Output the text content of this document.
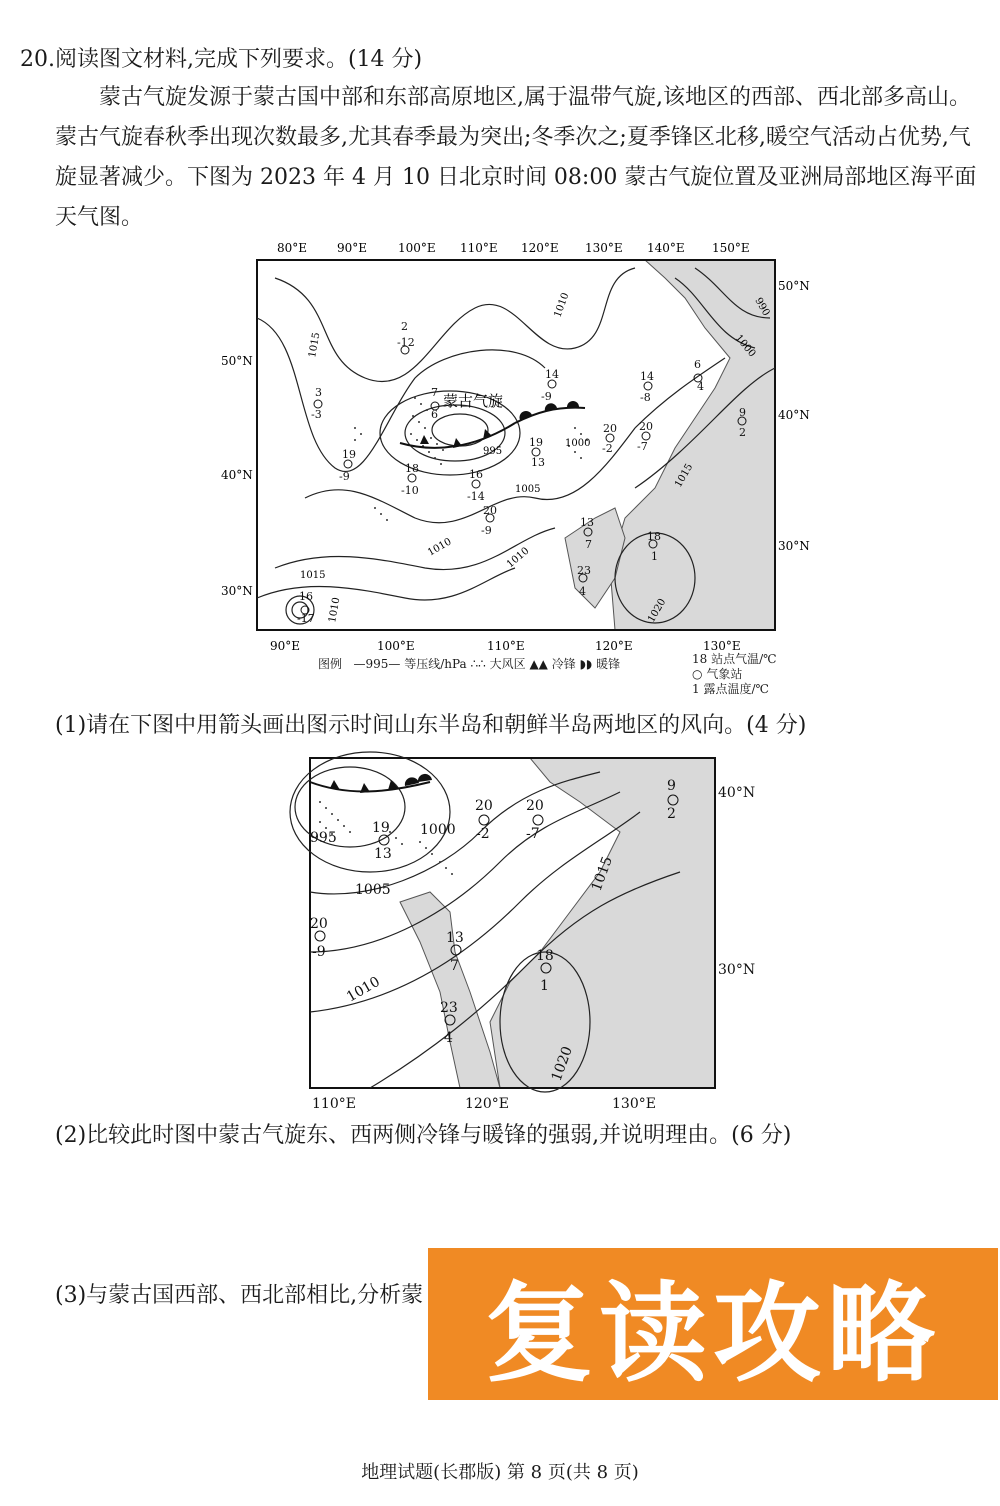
20.阅读图文材料,完成下列要求。(14 分)
蒙古气旋发源于蒙古国中部和东部高原地区,属于温带气旋,该地区的西部、西北部多高山。蒙古气旋春秋季出现次数最多,尤其春季最为突出;冬季次之;夏季锋区北移,暖空气活动占优势,气旋显著减少。下图为 2023 年 4 月 10 日北京时间 08:00 蒙古气旋位置及亚洲局部地区海平面天气图。
80°E 90°E	100°E 110°E 120°E 130°E 140°E 150°E
50°N
40°N
30°N
50°N
40°N
30°N
90°E	100°E	110°E	120°E	130°E
蒙古气旋
1010
1015
1000
995
1005
1010	1010
1015
1015
1020
1000
990
1010
2
-12
3
-3
7
6
14
-9
14
-8
6
4
19
-9
18
-10
16
-14
19
13
20
-2
20
-7
9
2
20
-9
13
7
18
1
23
4
16
-17
图例 —995— 等压线/hPa ∴∴ 大风区 ▲▲ 冷锋 ◗◗ 暖锋	18 站点气温/℃
○ 气象站
1 露点温度/℃
(1)请在下图中用箭头画出图示时间山东半岛和朝鲜半岛两地区的风向。(4 分)
995	1000
1005
1010
1015
1020
40°N
30°N
110°E	120°E	130°E
20
-2
20
-7
9
2
19
13
20
-9
13
7
18
1
23
4
(2)比较此时图中蒙古气旋东、西两侧冷锋与暖锋的强弱,并说明理由。(6 分)
(3)与蒙古国西部、西北部相比,分析蒙 复读攻略
地理试题(长郡版) 第 8 页(共 8 页)
